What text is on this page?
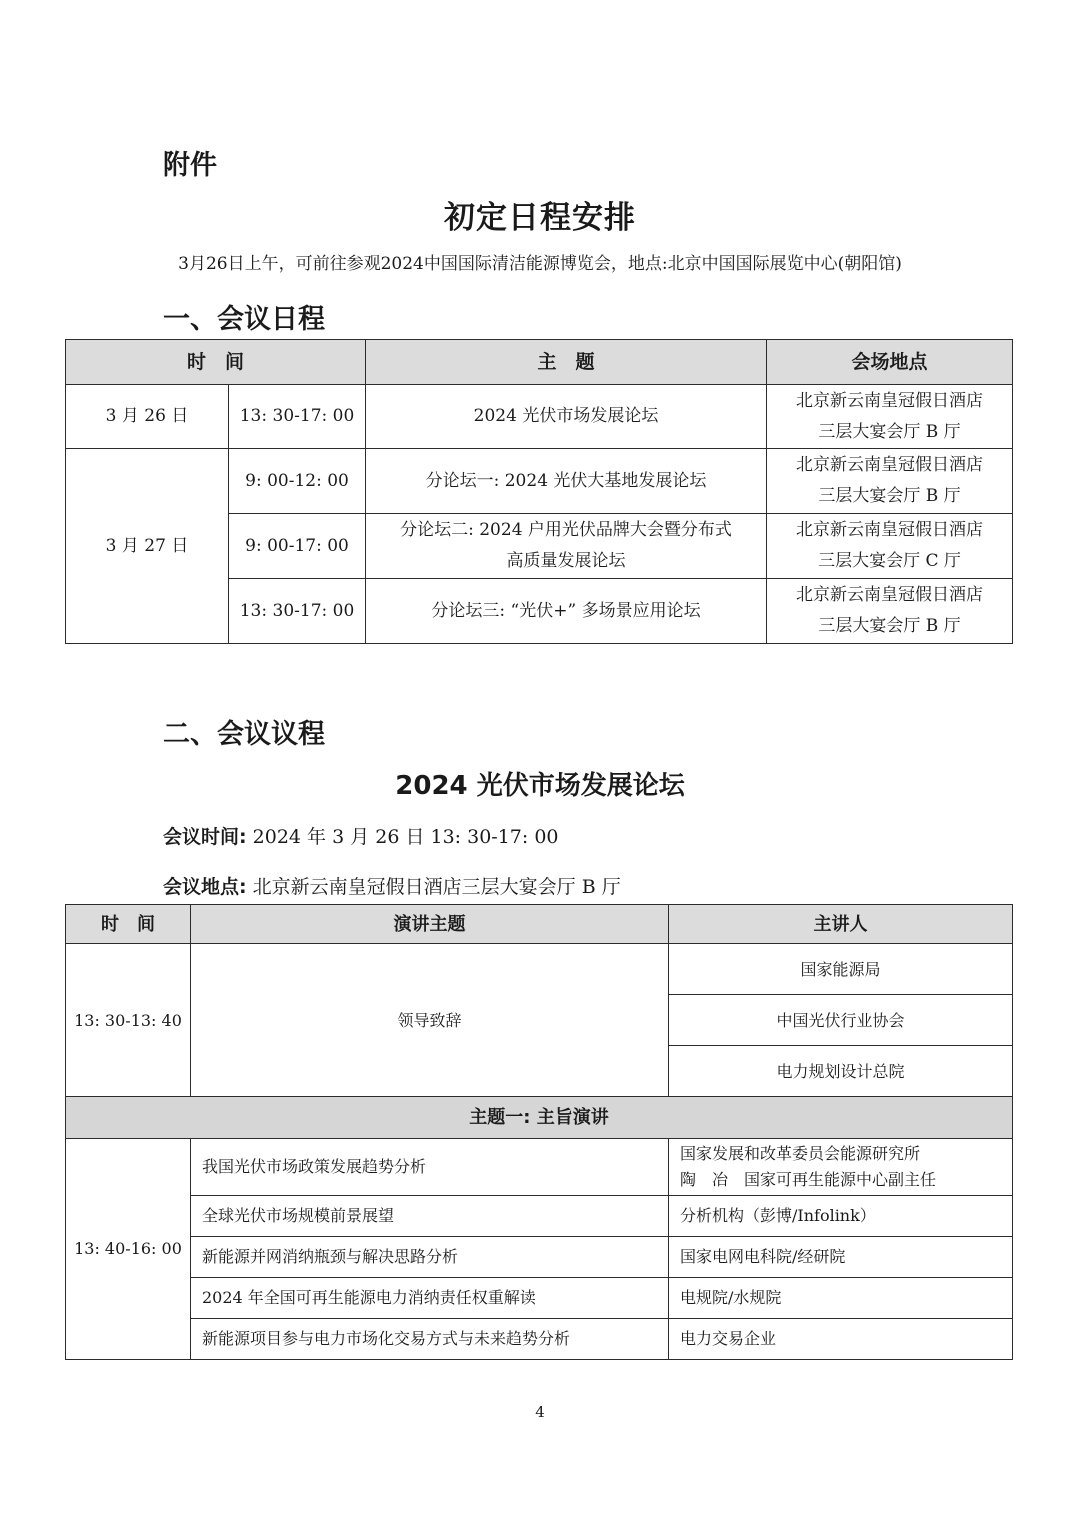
附件
初定日程安排
3月26日上午，可前往参观2024中国国际清洁能源博览会，地点:北京中国国际展览中心(朝阳馆)
一、会议日程
时　间		主　题	会场地点
3 月 26 日	13: 30-17: 00	2024 光伏市场发展论坛	北京新云南皇冠假日酒店
三层大宴会厅 B 厅
3 月 27 日	9: 00-12: 00	分论坛一: 2024 光伏大基地发展论坛	北京新云南皇冠假日酒店
三层大宴会厅 B 厅
	9: 00-17: 00	分论坛二: 2024 户用光伏品牌大会暨分布式
高质量发展论坛	北京新云南皇冠假日酒店
三层大宴会厅 C 厅
	13: 30-17: 00	分论坛三: “光伏+” 多场景应用论坛	北京新云南皇冠假日酒店
三层大宴会厅 B 厅
二、会议议程
2024 光伏市场发展论坛
会议时间: 2024 年 3 月 26 日 13: 30-17: 00
会议地点: 北京新云南皇冠假日酒店三层大宴会厅 B 厅
时　间	演讲主题	主讲人
13: 30-13: 40	领导致辞	国家能源局
		中国光伏行业协会
		电力规划设计总院
主题一: 主旨演讲		
13: 40-16: 00	我国光伏市场政策发展趋势分析	国家发展和改革委员会能源研究所
陶　冶　国家可再生能源中心副主任
	全球光伏市场规模前景展望	分析机构（彭博/Infolink）
	新能源并网消纳瓶颈与解决思路分析	国家电网电科院/经研院
	2024 年全国可再生能源电力消纳责任权重解读	电规院/水规院
	新能源项目参与电力市场化交易方式与未来趋势分析	电力交易企业
4
